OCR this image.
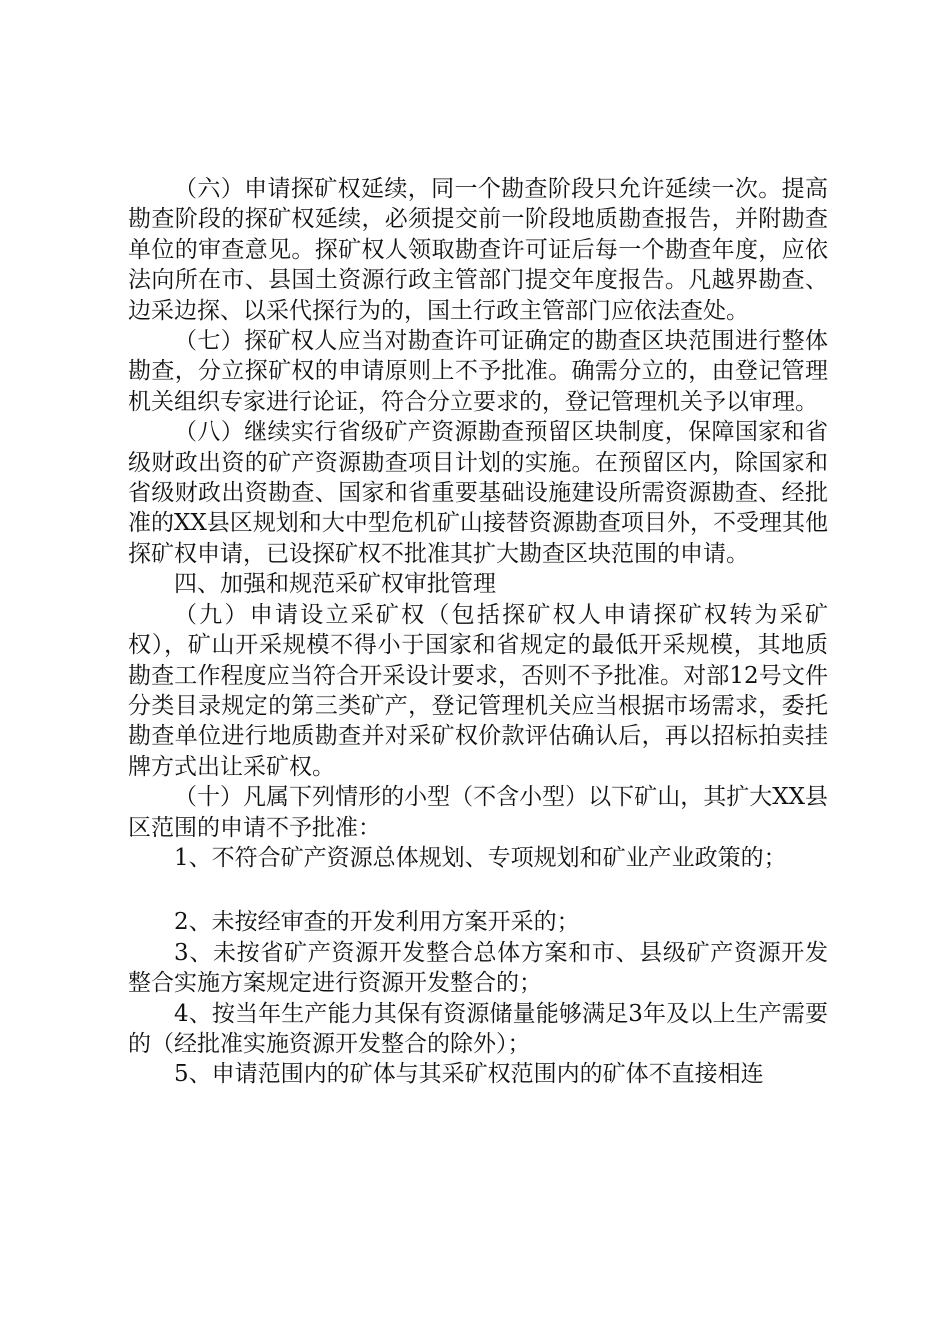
（六）申请探矿权延续，同一个勘查阶段只允许延续一次。提高勘查阶段的探矿权延续，必须提交前一阶段地质勘查报告，并附勘查单位的审查意见。探矿权人领取勘查许可证后每一个勘查年度，应依法向所在市、县国土资源行政主管部门提交年度报告。凡越界勘查、边采边探、以采代探行为的，国土行政主管部门应依法查处。

（七）探矿权人应当对勘查许可证确定的勘查区块范围进行整体勘查，分立探矿权的申请原则上不予批准。确需分立的，由登记管理机关组织专家进行论证，符合分立要求的，登记管理机关予以审理。

（八）继续实行省级矿产资源勘查预留区块制度，保障国家和省级财政出资的矿产资源勘查项目计划的实施。在预留区内，除国家和省级财政出资勘查、国家和省重要基础设施建设所需资源勘查、经批准的XX县区规划和大中型危机矿山接替资源勘查项目外，不受理其他探矿权申请，已设探矿权不批准其扩大勘查区块范围的申请。

四、加强和规范采矿权审批管理

（九）申请设立采矿权（包括探矿权人申请探矿权转为采矿权），矿山开采规模不得小于国家和省规定的最低开采规模，其地质勘查工作程度应当符合开采设计要求，否则不予批准。对部12号文件分类目录规定的第三类矿产，登记管理机关应当根据市场需求，委托勘查单位进行地质勘查并对采矿权价款评估确认后，再以招标拍卖挂牌方式出让采矿权。

（十）凡属下列情形的小型（不含小型）以下矿山，其扩大XX县区范围的申请不予批准：

1、不符合矿产资源总体规划、专项规划和矿业产业政策的；

2、未按经审查的开发利用方案开采的；

3、未按省矿产资源开发整合总体方案和市、县级矿产资源开发整合实施方案规定进行资源开发整合的；

4、按当年生产能力其保有资源储量能够满足3年及以上生产需要的（经批准实施资源开发整合的除外）；

5、申请范围内的矿体与其采矿权范围内的矿体不直接相连
